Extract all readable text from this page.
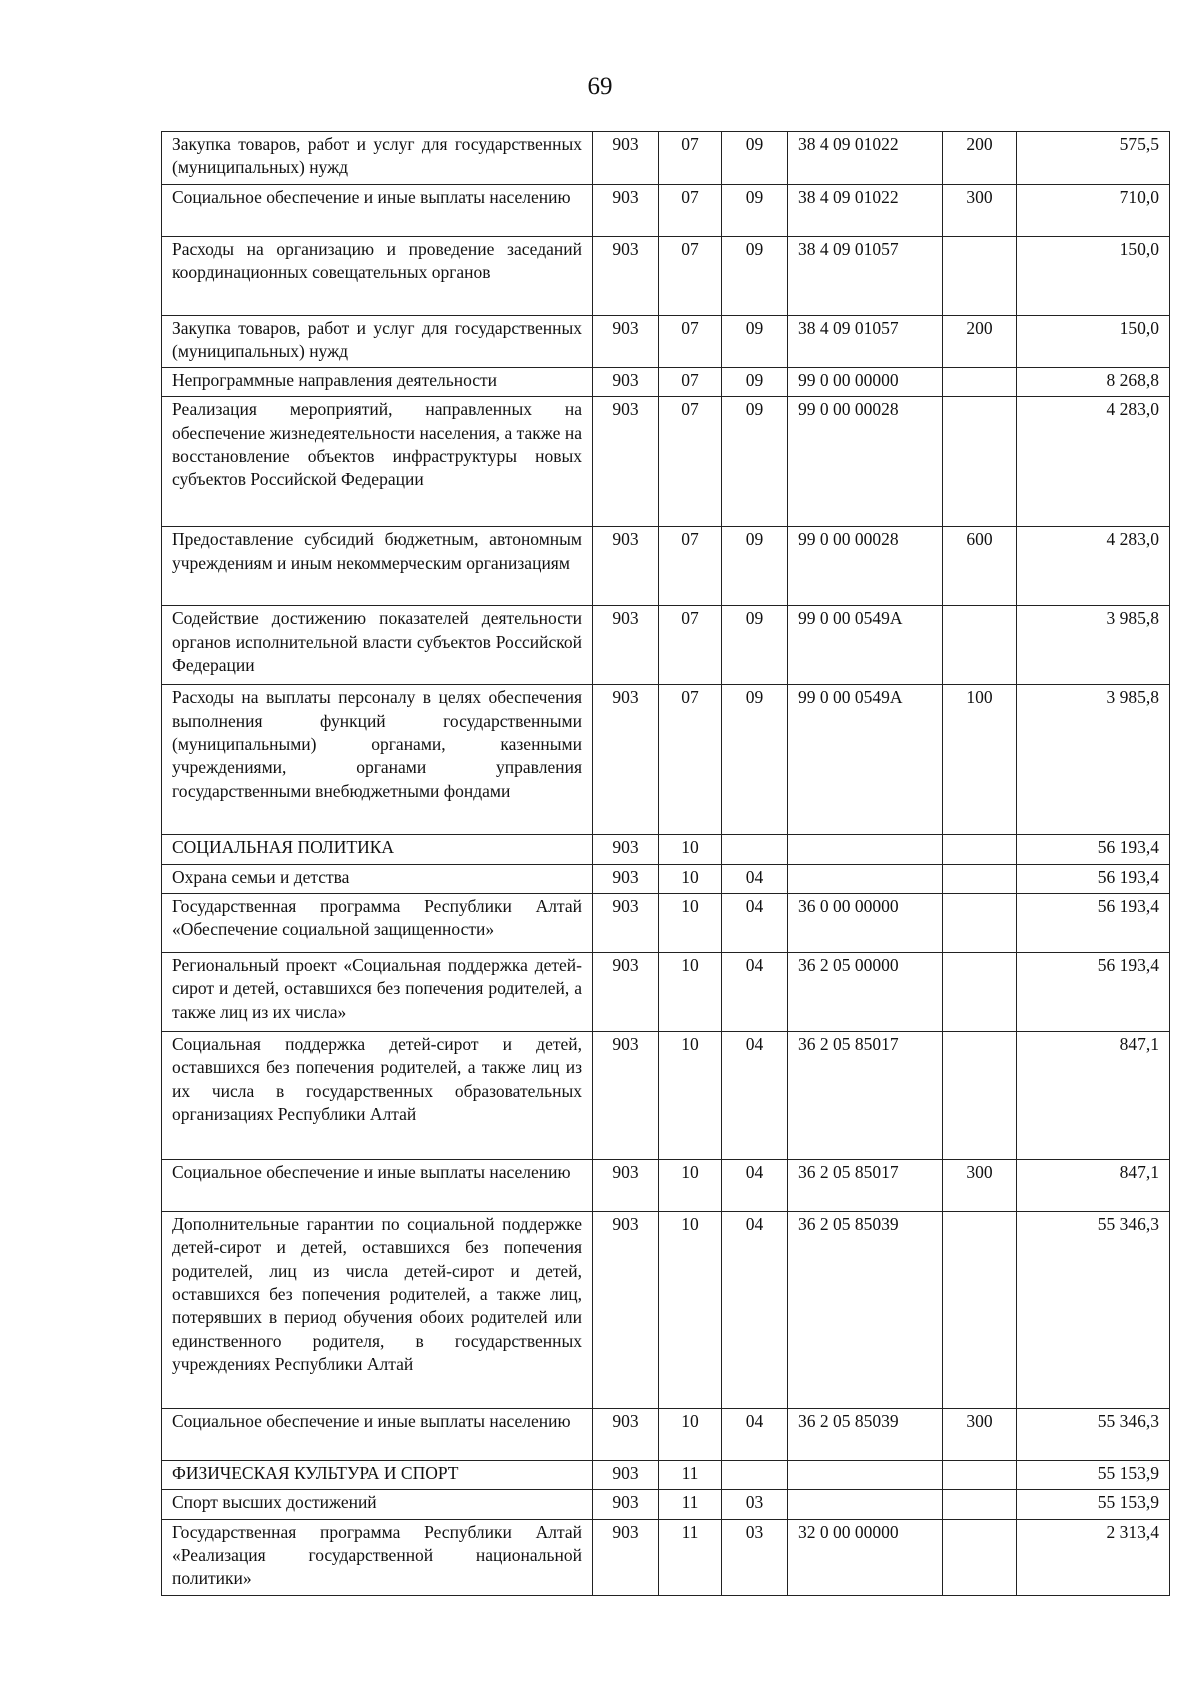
69
Закупка товаров, работ и услуг для государственных (муниципальных) нужд	903	07	09	38 4 09 01022	200	575,5
Социальное обеспечение и иные выплаты населению	903	07	09	38 4 09 01022	300	710,0
Расходы на организацию и проведение заседаний координационных совещательных органов	903	07	09	38 4 09 01057		150,0
Закупка товаров, работ и услуг для государственных (муниципальных) нужд	903	07	09	38 4 09 01057	200	150,0
Непрограммные направления деятельности	903	07	09	99 0 00 00000		8 268,8
Реализация мероприятий, направленных на обеспечение жизнедеятельности населения, а также на восстановление объектов инфраструктуры новых субъектов Российской Федерации	903	07	09	99 0 00 00028		4 283,0
Предоставление субсидий бюджетным, автономным учреждениям и иным некоммерческим организациям	903	07	09	99 0 00 00028	600	4 283,0
Содействие достижению показателей деятельности органов исполнительной власти субъектов Российской Федерации	903	07	09	99 0 00 0549А		3 985,8
Расходы на выплаты персоналу в целях обеспечения выполнения функций государственными (муниципальными) органами, казенными учреждениями, органами управления государственными внебюджетными фондами	903	07	09	99 0 00 0549А	100	3 985,8
СОЦИАЛЬНАЯ ПОЛИТИКА	903	10				56 193,4
Охрана семьи и детства	903	10	04			56 193,4
Государственная программа Республики Алтай «Обеспечение социальной защищенности»	903	10	04	36 0 00 00000		56 193,4
Региональный проект «Социальная поддержка детей-сирот и детей, оставшихся без попечения родителей, а также лиц из их числа»	903	10	04	36 2 05 00000		56 193,4
Социальная поддержка детей-сирот и детей, оставшихся без попечения родителей, а также лиц из их числа в государственных образовательных организациях Республики Алтай	903	10	04	36 2 05 85017		847,1
Социальное обеспечение и иные выплаты населению	903	10	04	36 2 05 85017	300	847,1
Дополнительные гарантии по социальной поддержке детей-сирот и детей, оставшихся без попечения родителей, лиц из числа детей-сирот и детей, оставшихся без попечения родителей, а также лиц, потерявших в период обучения обоих родителей или единственного родителя, в государственных учреждениях Республики Алтай	903	10	04	36 2 05 85039		55 346,3
Социальное обеспечение и иные выплаты населению	903	10	04	36 2 05 85039	300	55 346,3
ФИЗИЧЕСКАЯ КУЛЬТУРА И СПОРТ	903	11				55 153,9
Спорт высших достижений	903	11	03			55 153,9
Государственная программа Республики Алтай «Реализация государственной национальной политики»	903	11	03	32 0 00 00000		2 313,4
